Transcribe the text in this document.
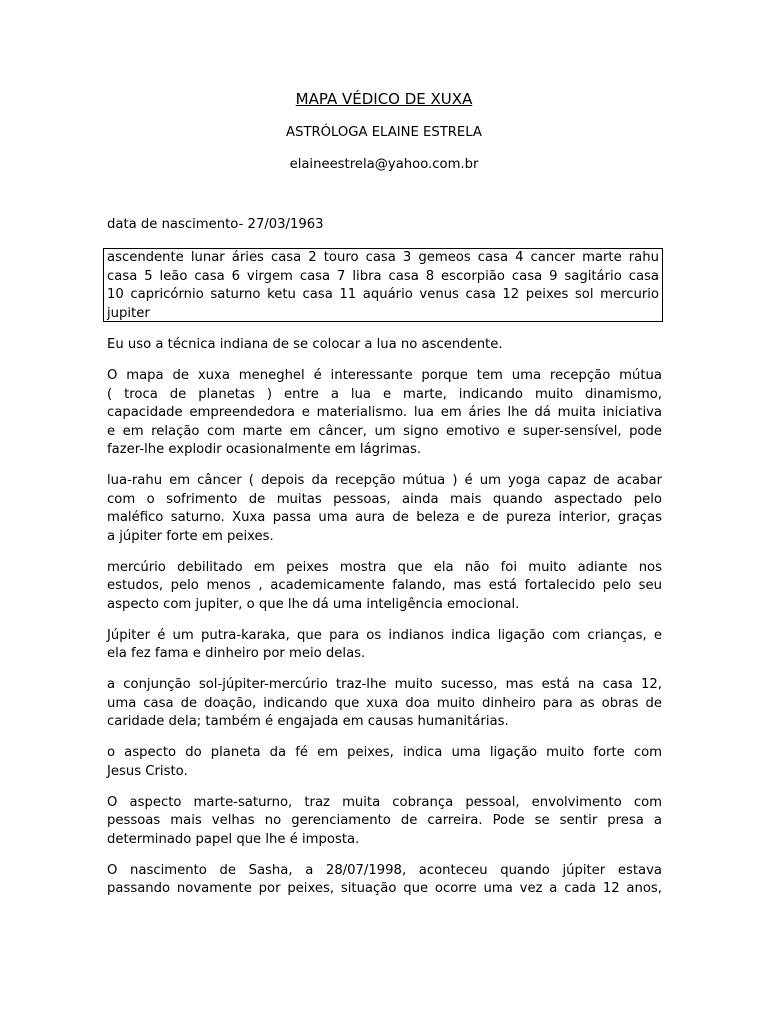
MAPA VÉDICO DE XUXA
ASTRÓLOGA ELAINE ESTRELA
elaineestrela@yahoo.com.br
data de nascimento- 27/03/1963
ascendente lunar áries casa 2 touro casa 3 gemeos casa 4 cancer marte rahu
casa 5 leão casa 6 virgem casa 7 libra casa 8 escorpião casa 9 sagitário casa
10 capricórnio saturno ketu casa 11 aquário venus casa 12 peixes sol mercurio
jupiter

Eu uso a técnica indiana de se colocar a lua no ascendente.

O mapa de xuxa meneghel é interessante porque tem uma recepção mútua
( troca de planetas ) entre a lua e marte, indicando muito dinamismo,
capacidade empreendedora e materialismo. lua em áries lhe dá muita iniciativa
e em relação com marte em câncer, um signo emotivo e super-sensível, pode
fazer-lhe explodir ocasionalmente em lágrimas.

lua-rahu em câncer ( depois da recepção mútua ) é um yoga capaz de acabar
com o sofrimento de muitas pessoas, ainda mais quando aspectado pelo
maléfico saturno. Xuxa passa uma aura de beleza e de pureza interior, graças
a júpiter forte em peixes.

mercúrio debilitado em peixes mostra que ela não foi muito adiante nos
estudos, pelo menos , academicamente falando, mas está fortalecido pelo seu
aspecto com jupiter, o que lhe dá uma inteligência emocional.

Júpiter é um putra-karaka, que para os indianos indica ligação com crianças, e
ela fez fama e dinheiro por meio delas.

a conjunção sol-júpiter-mercúrio traz-lhe muito sucesso, mas está na casa 12,
uma casa de doação, indicando que xuxa doa muito dinheiro para as obras de
caridade dela; também é engajada em causas humanitárias.

o aspecto do planeta da fé em peixes, indica uma ligação muito forte com
Jesus Cristo.

O aspecto marte-saturno, traz muita cobrança pessoal, envolvimento com
pessoas mais velhas no gerenciamento de carreira. Pode se sentir presa a
determinado papel que lhe é imposta.

O nascimento de Sasha, a 28/07/1998, aconteceu quando júpiter estava
passando novamente por peixes, situação que ocorre uma vez a cada 12 anos,
